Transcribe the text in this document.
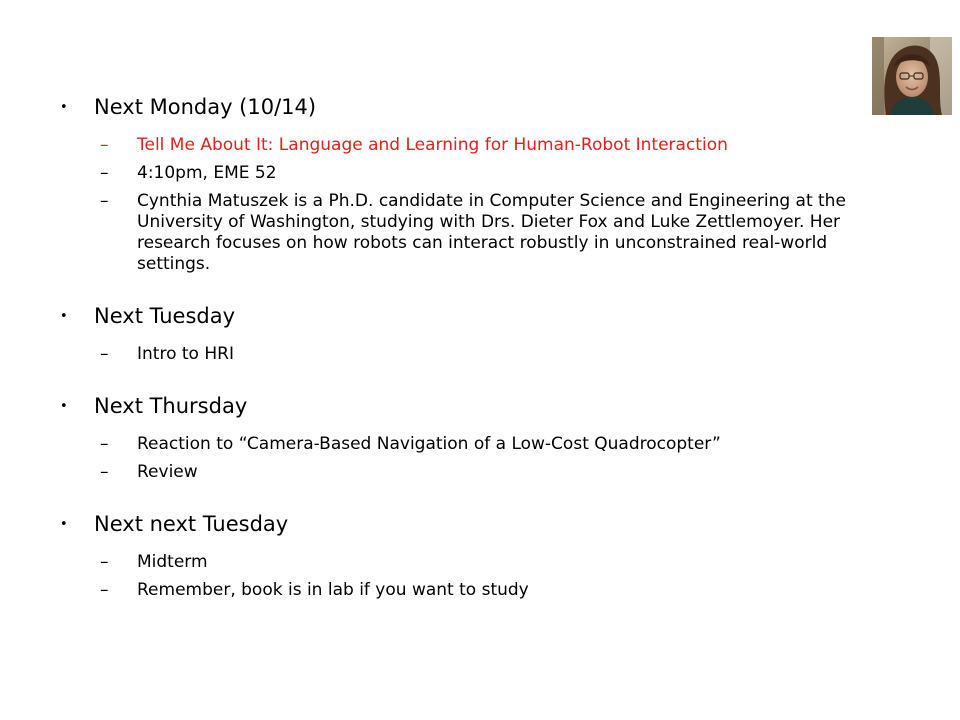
•	Next Monday (10/14)
–	Tell Me About It: Language and Learning for Human-Robot Interaction
–	4:10pm, EME 52
–	Cynthia Matuszek is a Ph.D. candidate in Computer Science and Engineering at the University of Washington, studying with Drs. Dieter Fox and Luke Zettlemoyer. Her research focuses on how robots can interact robustly in unconstrained real-world settings.
•	Next Tuesday
–	Intro to HRI
•	Next Thursday
–	Reaction to “Camera-Based Navigation of a Low-Cost Quadrocopter”
–	Review
•	Next next Tuesday
–	Midterm
–	Remember, book is in lab if you want to study
